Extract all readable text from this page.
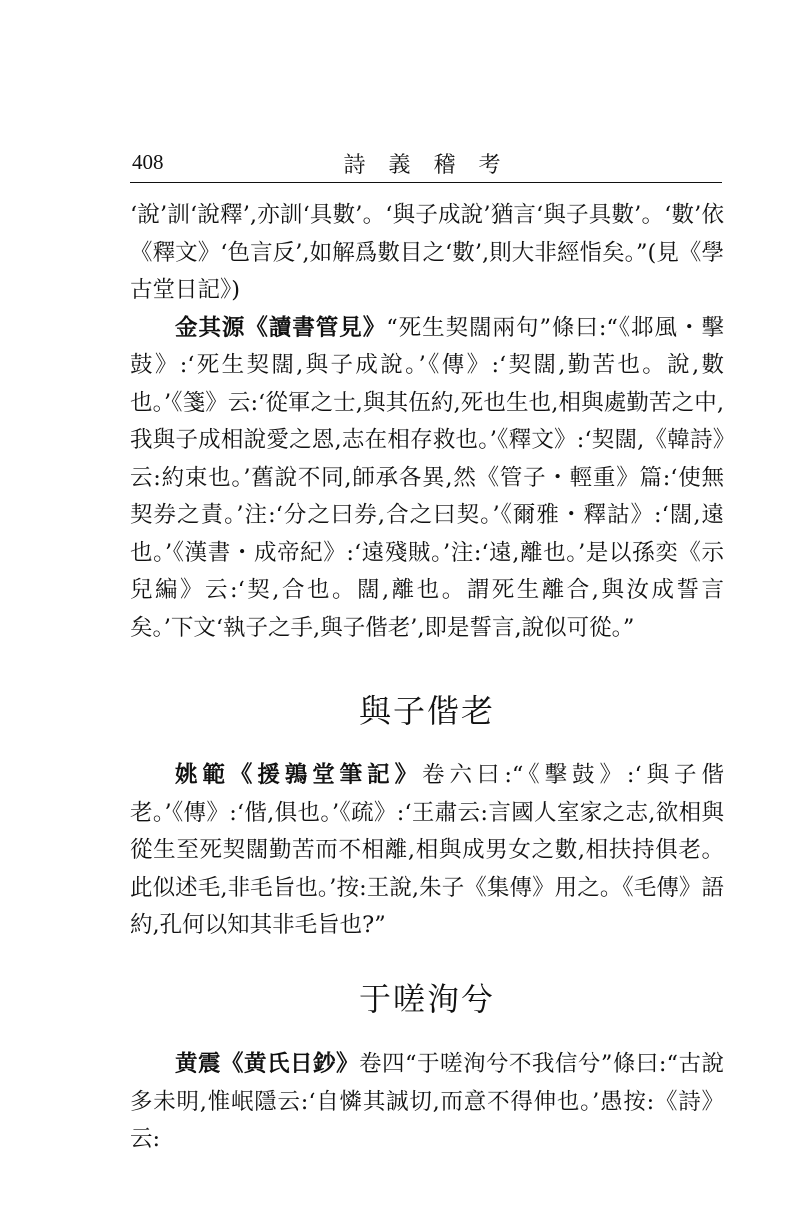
408	詩 義 稽 考

‘說’訓‘說釋’,亦訓‘具數’。‘與子成說’猶言‘與子具數’。‘數’依《釋文》‘色言反’,如解爲數目之‘數’,則大非經恉矣。”(見《學古堂日記》)

金其源《讀書管見》“死生契闊兩句”條曰:“《邶風・擊鼓》:‘死生契闊,與子成說。’《傳》:‘契闊,勤苦也。說,數也。’《箋》云:‘從軍之士,與其伍約,死也生也,相與處勤苦之中,我與子成相說愛之恩,志在相存救也。’《釋文》:‘契闊,《韓詩》云:約束也。’舊說不同,師承各異,然《管子・輕重》篇:‘使無契券之責。’注:‘分之曰券,合之曰契。’《爾雅・釋詁》:‘闊,遠也。’《漢書・成帝紀》:‘遠殘賊。’注:‘遠,離也。’是以孫奕《示兒編》云:‘契,合也。闊,離也。謂死生離合,與汝成誓言矣。’下文‘執子之手,與子偕老’,即是誓言,說似可從。”

與子偕老

姚範《援鶉堂筆記》卷六曰:“《擊鼓》:‘與子偕老。’《傳》:‘偕,俱也。’《疏》:‘王肅云:言國人室家之志,欲相與從生至死契闊勤苦而不相離,相與成男女之數,相扶持俱老。此似述毛,非毛旨也。’按:王說,朱子《集傳》用之。《毛傳》語約,孔何以知其非毛旨也?”

于嗟洵兮

黄震《黄氏日鈔》卷四“于嗟洵兮不我信兮”條曰:“古說多未明,惟岷隱云:‘自憐其誠切,而意不得伸也。’愚按:《詩》云:
